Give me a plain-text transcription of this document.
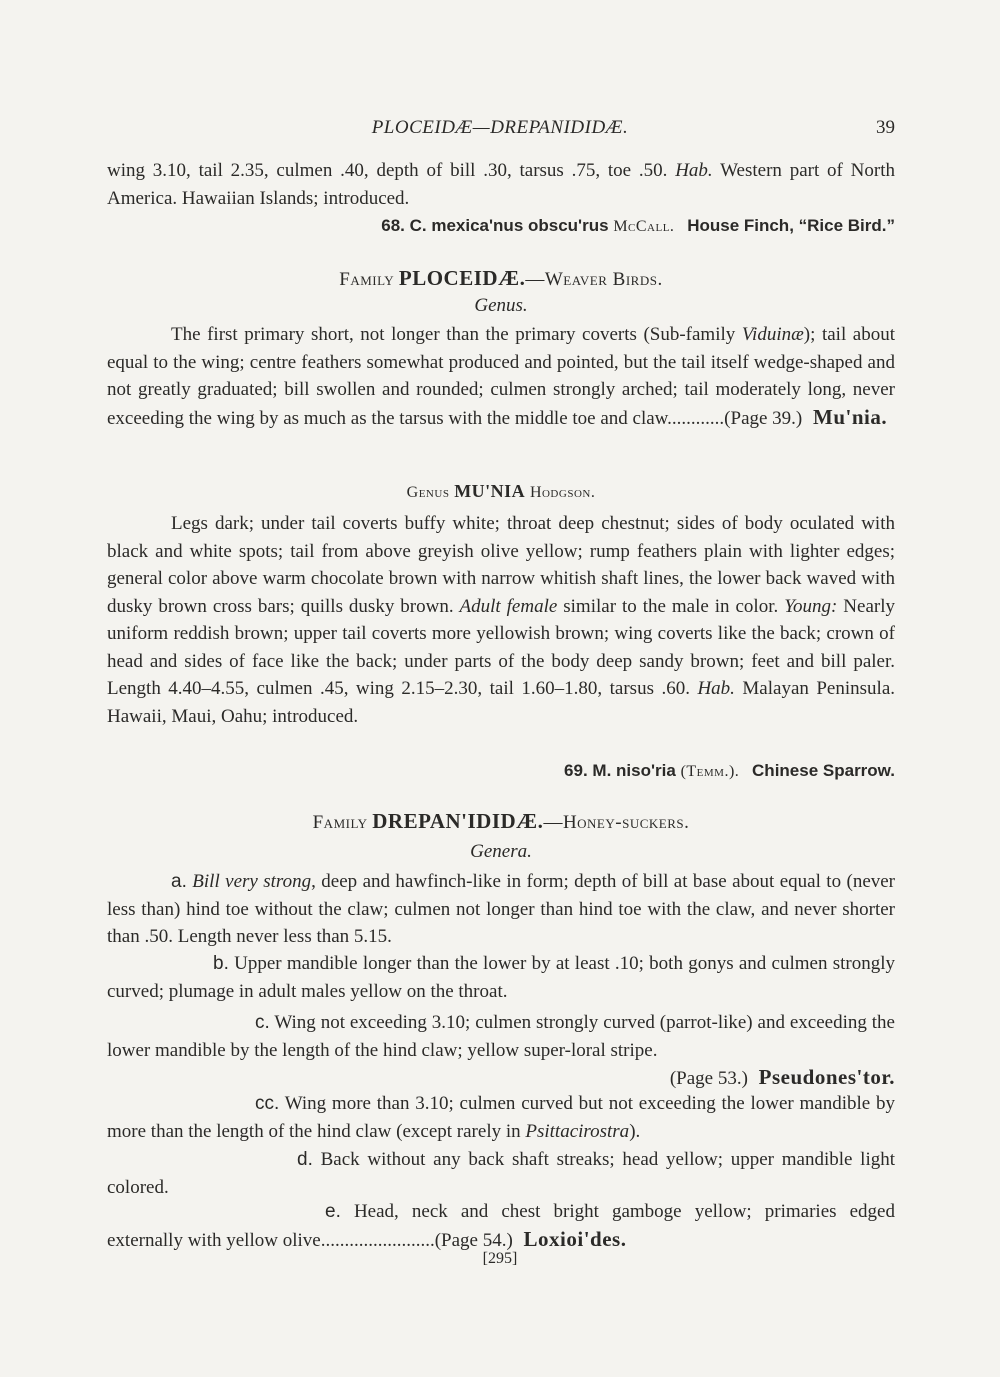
PLOCEIDÆ—DREPANIDIDÆ.	39
wing 3.10, tail 2.35, culmen .40, depth of bill .30, tarsus .75, toe .50. Hab. Western part of North America. Hawaiian Islands; introduced.
68. C. mexica'nus obscu'rus McCall. House Finch, “Rice Bird.”
Family PLOCEIDÆ.—Weaver Birds.
Genus.
The first primary short, not longer than the primary coverts (Sub-family Viduinæ); tail about equal to the wing; centre feathers somewhat produced and pointed, but the tail itself wedge-shaped and not greatly graduated; bill swollen and rounded; culmen strongly arched; tail moderately long, never exceeding the wing by as much as the tarsus with the middle toe and claw............(Page 39.) Mu'nia.
Genus MU'NIA Hodgson.
Legs dark; under tail coverts buffy white; throat deep chestnut; sides of body oculated with black and white spots; tail from above greyish olive yellow; rump feathers plain with lighter edges; general color above warm chocolate brown with narrow whitish shaft lines, the lower back waved with dusky brown cross bars; quills dusky brown. Adult female similar to the male in color. Young: Nearly uniform reddish brown; upper tail coverts more yellowish brown; wing coverts like the back; crown of head and sides of face like the back; under parts of the body deep sandy brown; feet and bill paler. Length 4.40–4.55, culmen .45, wing 2.15–2.30, tail 1.60–1.80, tarsus .60. Hab. Malayan Peninsula. Hawaii, Maui, Oahu; introduced.
69. M. niso'ria (Temm.). Chinese Sparrow.
Family DREPAN'IDIDÆ.—Honey-suckers.
Genera.
a. Bill very strong, deep and hawfinch-like in form; depth of bill at base about equal to (never less than) hind toe without the claw; culmen not longer than hind toe with the claw, and never shorter than .50. Length never less than 5.15.
b. Upper mandible longer than the lower by at least .10; both gonys and culmen strongly curved; plumage in adult males yellow on the throat.
c. Wing not exceeding 3.10; culmen strongly curved (parrot-like) and exceeding the lower mandible by the length of the hind claw; yellow super-loral stripe.
(Page 53.) Pseudones'tor.
cc. Wing more than 3.10; culmen curved but not exceeding the lower mandible by more than the length of the hind claw (except rarely in Psittacirostra).
d. Back without any back shaft streaks; head yellow; upper mandible light colored.
e. Head, neck and chest bright gamboge yellow; primaries edged externally with yellow olive........................(Page 54.) Loxioi'des.
[295]
